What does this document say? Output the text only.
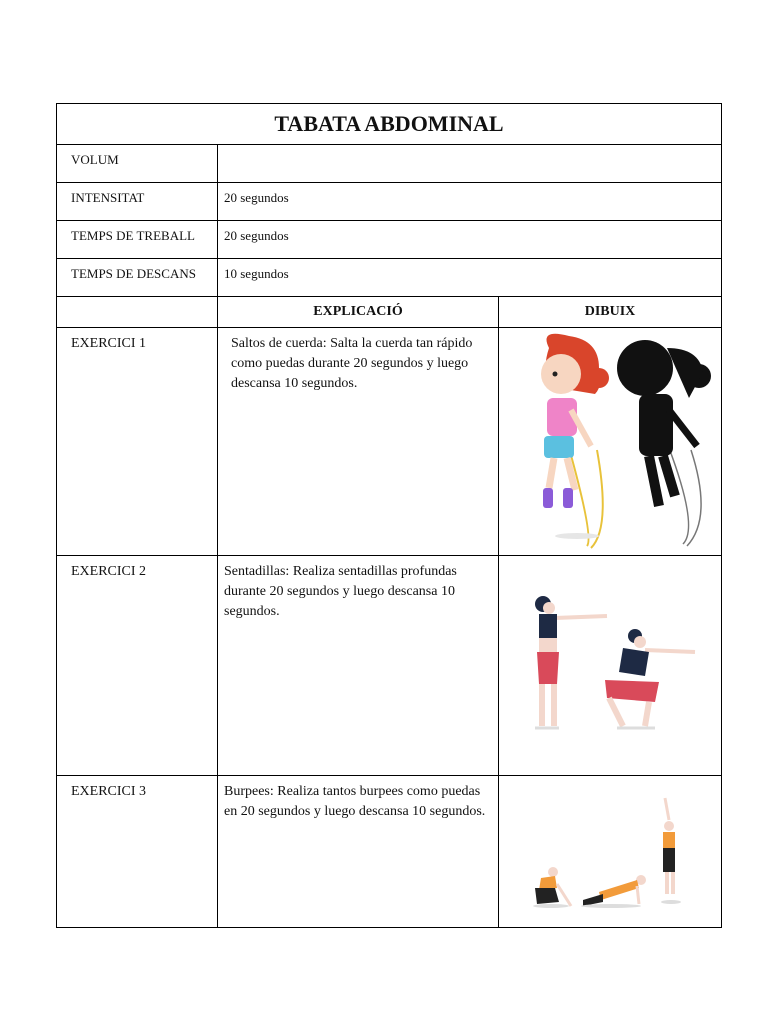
TABATA ABDOMINAL		
VOLUM		
INTENSITAT	20 segundos	
TEMPS DE TREBALL	20 segundos	
TEMPS DE DESCANS	10 segundos	
	EXPLICACIÓ	DIBUIX
EXERCICI 1	Saltos de cuerda: Salta la cuerda tan rápido como puedas durante 20 segundos y luego descansa 10 segundos.	

EXERCICI 2	Sentadillas: Realiza sentadillas profundas durante 20 segundos y luego descansa 10 segundos.	

EXERCICI 3	Burpees: Realiza tantos burpees como puedas en 20 segundos y luego descansa 10 segundos.	
